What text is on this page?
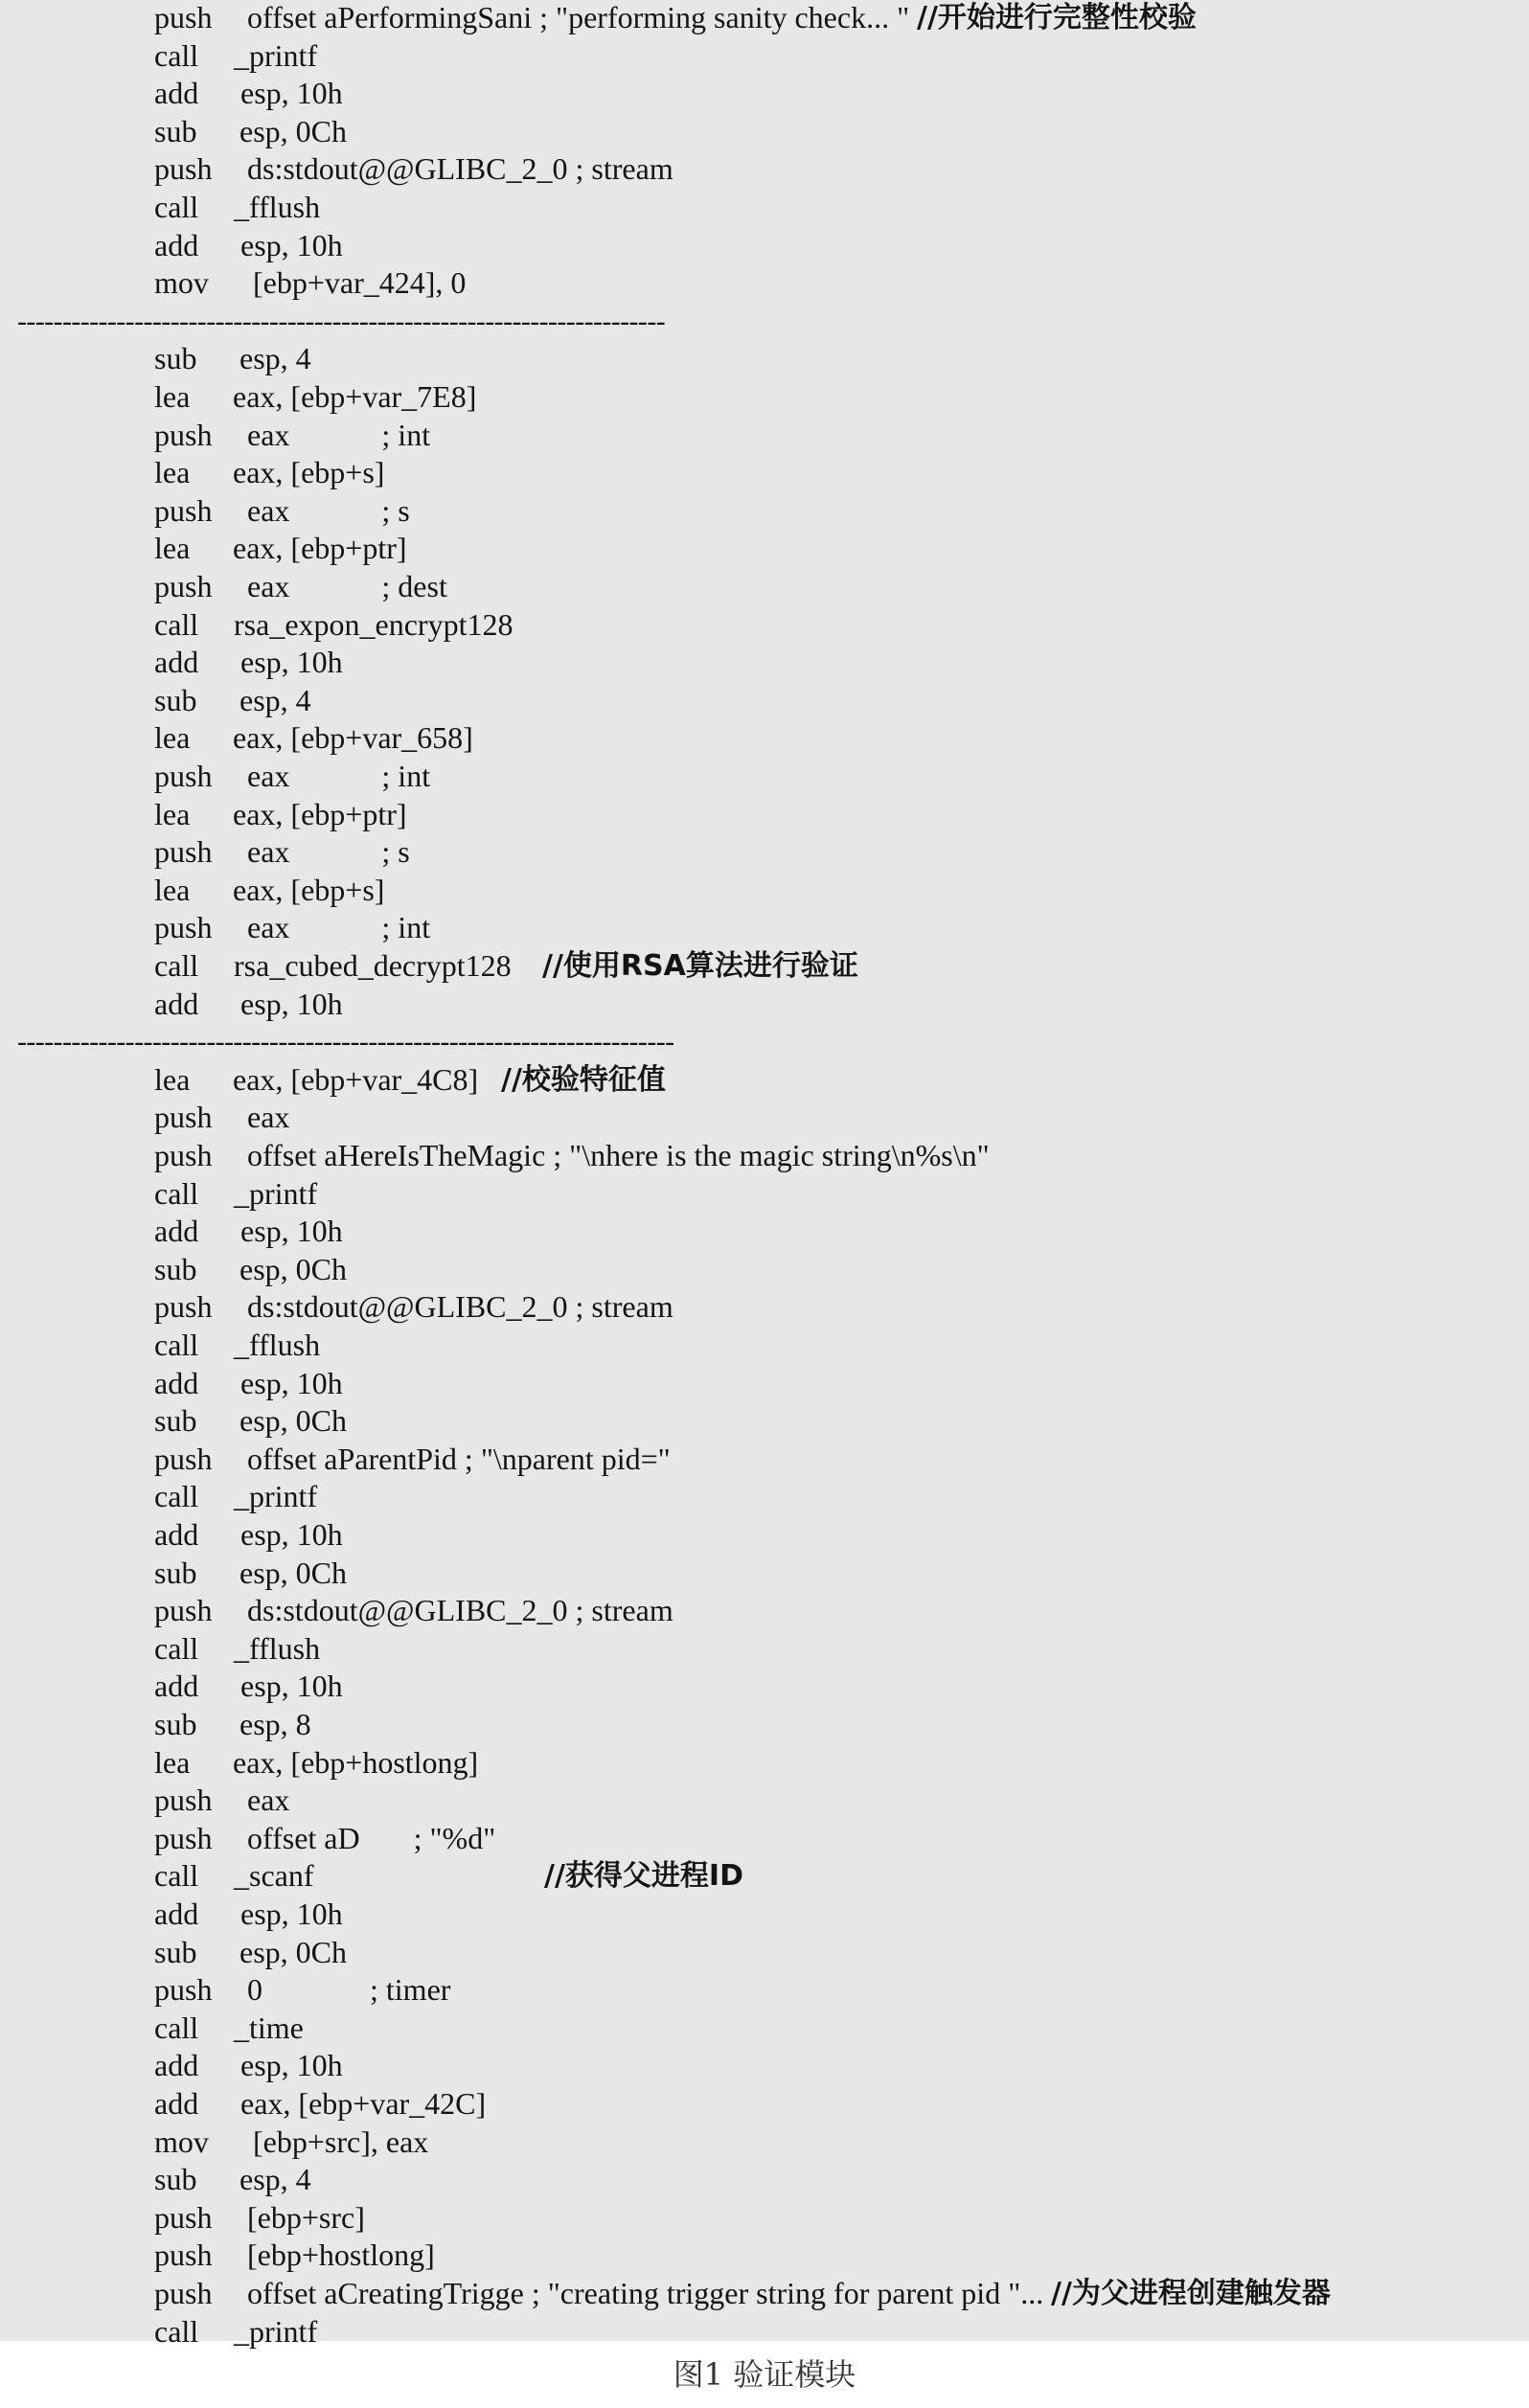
push offset aPerformingSani ; "performing sanity check... " //开始进行完整性校验
call _printf
add esp, 10h
sub esp, 0Ch
push ds:stdout@@GLIBC_2_0 ; stream
call _fflush
add esp, 10h
mov [ebp+var_424], 0
------------------------------------------------------------------------
sub esp, 4
lea eax, [ebp+var_7E8]
push eax            ; int
lea eax, [ebp+s]
push eax            ; s
lea eax, [ebp+ptr]
push eax            ; dest
call rsa_expon_encrypt128
add esp, 10h
sub esp, 4
lea eax, [ebp+var_658]
push eax            ; int
lea eax, [ebp+ptr]
push eax            ; s
lea eax, [ebp+s]
push eax            ; int
call rsa_cubed_decrypt128 //使用RSA算法进行验证
add esp, 10h
-------------------------------------------------------------------------
lea eax, [ebp+var_4C8] //校验特征值
push eax
push offset aHereIsTheMagic ; "\nhere is the magic string\n%s\n"
call _printf
add esp, 10h
sub esp, 0Ch
push ds:stdout@@GLIBC_2_0 ; stream
call _fflush
add esp, 10h
sub esp, 0Ch
push offset aParentPid ; "\nparent pid="
call _printf
add esp, 10h
sub esp, 0Ch
push ds:stdout@@GLIBC_2_0 ; stream
call _fflush
add esp, 10h
sub esp, 8
lea eax, [ebp+hostlong]
push eax
push offset aD       ; "%d"
call _scanf //获得父进程ID
add esp, 10h
sub esp, 0Ch
push 0              ; timer
call _time
add esp, 10h
add eax, [ebp+var_42C]
mov [ebp+src], eax
sub esp, 4
push [ebp+src]
push [ebp+hostlong]
push offset aCreatingTrigge ; "creating trigger string for parent pid "... //为父进程创建触发器
call _printf
图1 验证模块
